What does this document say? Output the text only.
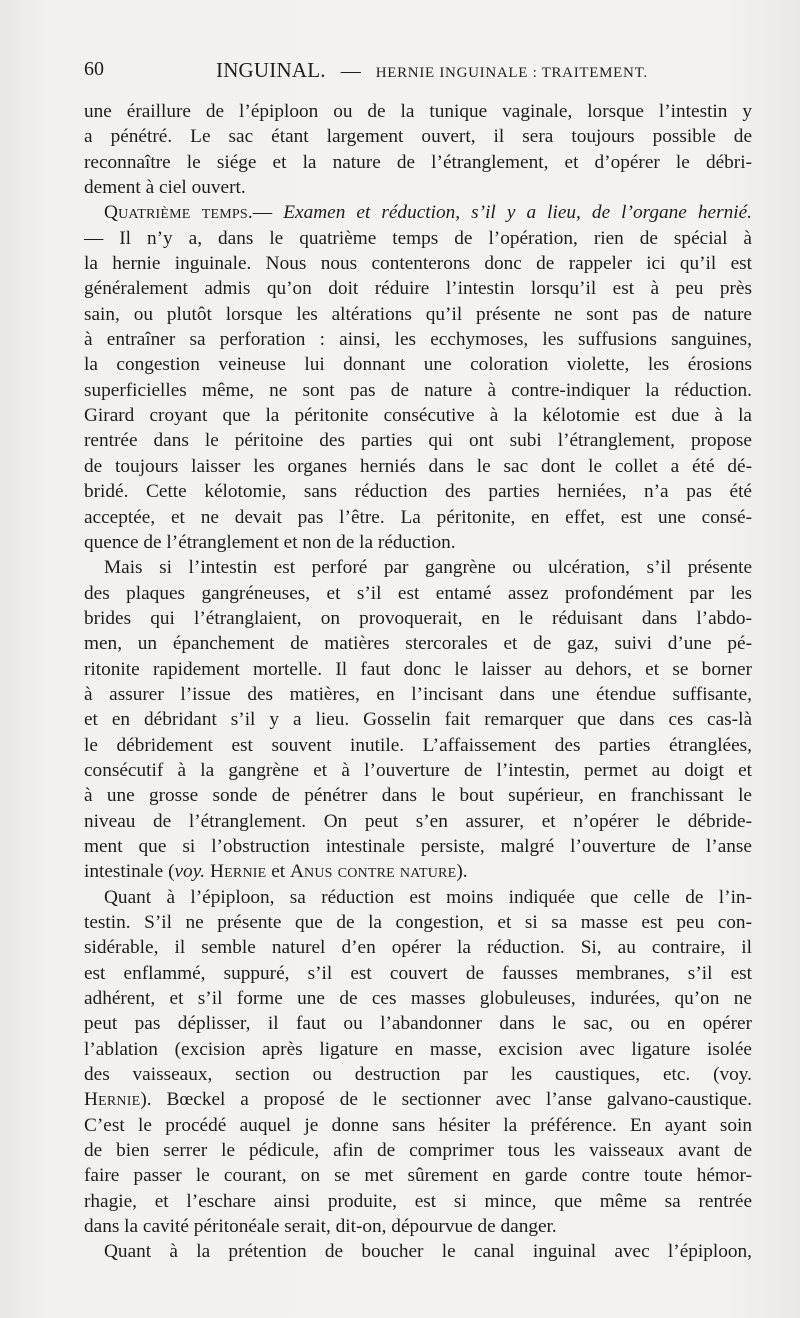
60	INGUINAL. — HERNIE INGUINALE : TRAITEMENT.
une éraillure de l’épiploon ou de la tunique vaginale, lorsque l’intestin y
a pénétré. Le sac étant largement ouvert, il sera toujours possible de
reconnaître le siége et la nature de l’étranglement, et d’opérer le débri-
dement à ciel ouvert.
Quatrième temps.— Examen et réduction, s’il y a lieu, de l’organe hernié.
— Il n’y a, dans le quatrième temps de l’opération, rien de spécial à
la hernie inguinale. Nous nous contenterons donc de rappeler ici qu’il est
généralement admis qu’on doit réduire l’intestin lorsqu’il est à peu près
sain, ou plutôt lorsque les altérations qu’il présente ne sont pas de nature
à entraîner sa perforation : ainsi, les ecchymoses, les suffusions sanguines,
la congestion veineuse lui donnant une coloration violette, les érosions
superficielles même, ne sont pas de nature à contre-indiquer la réduction.
Girard croyant que la péritonite consécutive à la kélotomie est due à la
rentrée dans le péritoine des parties qui ont subi l’étranglement, propose
de toujours laisser les organes herniés dans le sac dont le collet a été dé-
bridé. Cette kélotomie, sans réduction des parties herniées, n’a pas été
acceptée, et ne devait pas l’être. La péritonite, en effet, est une consé-
quence de l’étranglement et non de la réduction.
Mais si l’intestin est perforé par gangrène ou ulcération, s’il présente
des plaques gangréneuses, et s’il est entamé assez profondément par les
brides qui l’étranglaient, on provoquerait, en le réduisant dans l’abdo-
men, un épanchement de matières stercorales et de gaz, suivi d’une pé-
ritonite rapidement mortelle. Il faut donc le laisser au dehors, et se borner
à assurer l’issue des matières, en l’incisant dans une étendue suffisante,
et en débridant s’il y a lieu. Gosselin fait remarquer que dans ces cas-là
le débridement est souvent inutile. L’affaissement des parties étranglées,
consécutif à la gangrène et à l’ouverture de l’intestin, permet au doigt et
à une grosse sonde de pénétrer dans le bout supérieur, en franchissant le
niveau de l’étranglement. On peut s’en assurer, et n’opérer le débride-
ment que si l’obstruction intestinale persiste, malgré l’ouverture de l’anse
intestinale (voy. Hernie et Anus contre nature).
Quant à l’épiploon, sa réduction est moins indiquée que celle de l’in-
testin. S’il ne présente que de la congestion, et si sa masse est peu con-
sidérable, il semble naturel d’en opérer la réduction. Si, au contraire, il
est enflammé, suppuré, s’il est couvert de fausses membranes, s’il est
adhérent, et s’il forme une de ces masses globuleuses, indurées, qu’on ne
peut pas déplisser, il faut ou l’abandonner dans le sac, ou en opérer
l’ablation (excision après ligature en masse, excision avec ligature isolée
des vaisseaux, section ou destruction par les caustiques, etc. (voy.
Hernie). Bœckel a proposé de le sectionner avec l’anse galvano-caustique.
C’est le procédé auquel je donne sans hésiter la préférence. En ayant soin
de bien serrer le pédicule, afin de comprimer tous les vaisseaux avant de
faire passer le courant, on se met sûrement en garde contre toute hémor-
rhagie, et l’eschare ainsi produite, est si mince, que même sa rentrée
dans la cavité péritonéale serait, dit-on, dépourvue de danger.
Quant à la prétention de boucher le canal inguinal avec l’épiploon,
